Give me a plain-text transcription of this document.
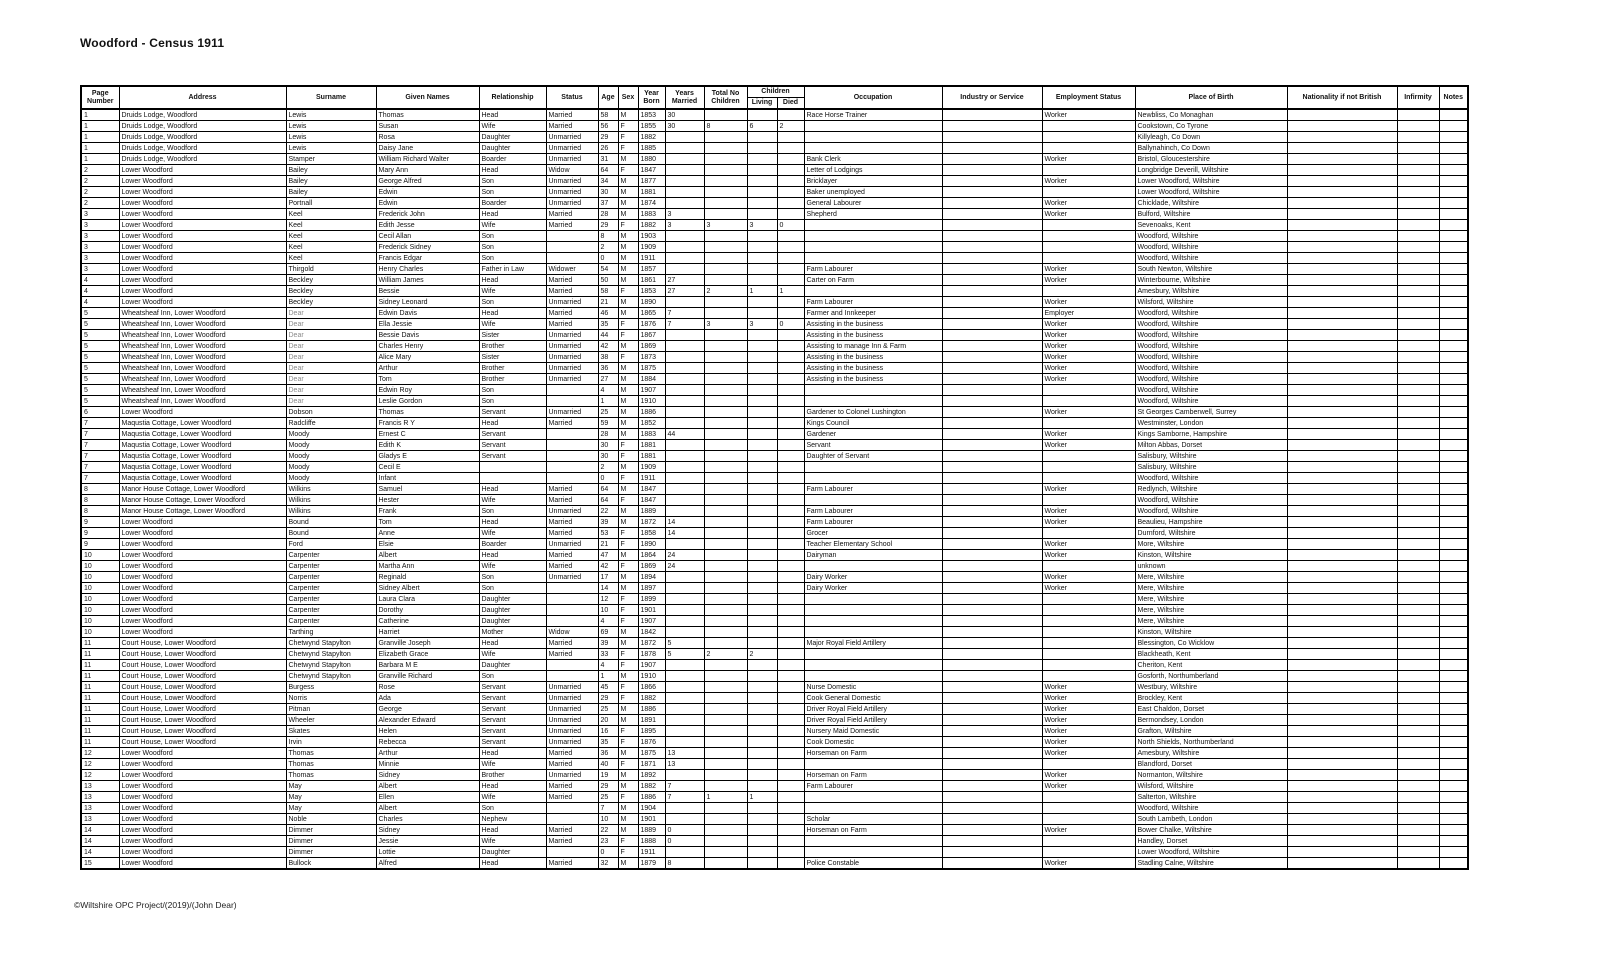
Woodford - Census 1911
Page Number	Address	Surname	Given Names	Relationship	Status	Age	Sex	Year Born	Years Married	Total No Children	Children		Occupation	Industry or Service	Employment Status	Place of Birth	Nationality if not British	Infirmity	Notes
											Living	Died							
1	Druids Lodge, Woodford	Lewis	Thomas	Head	Married	58	M	1853	30				Race Horse Trainer		Worker	Newbliss, Co Monaghan			
1	Druids Lodge, Woodford	Lewis	Susan	Wife	Married	56	F	1855	30	8	6	2				Cookstown, Co Tyrone			
1	Druids Lodge, Woodford	Lewis	Rosa	Daughter	Unmarried	29	F	1882								Killyleagh, Co Down			
1	Druids Lodge, Woodford	Lewis	Daisy Jane	Daughter	Unmarried	26	F	1885								Ballynahinch, Co Down			
1	Druids Lodge, Woodford	Stamper	William Richard Walter	Boarder	Unmarried	31	M	1880					Bank Clerk		Worker	Bristol, Gloucestershire			
2	Lower Woodford	Bailey	Mary Ann	Head	Widow	64	F	1847					Letter of Lodgings			Longbridge Deverill, Wiltshire			
2	Lower Woodford	Bailey	George Alfred	Son	Unmarried	34	M	1877					Bricklayer		Worker	Lower Woodford, Wiltshire			
2	Lower Woodford	Bailey	Edwin	Son	Unmarried	30	M	1881					Baker unemployed			Lower Woodford, Wiltshire			
2	Lower Woodford	Portnall	Edwin	Boarder	Unmarried	37	M	1874					General Labourer		Worker	Chicklade, Wiltshire			
3	Lower Woodford	Keel	Frederick John	Head	Married	28	M	1883	3				Shepherd		Worker	Bulford, Wiltshire			
3	Lower Woodford	Keel	Edith Jesse	Wife	Married	29	F	1882	3	3	3	0				Sevenoaks, Kent			
3	Lower Woodford	Keel	Cecil Allan	Son		8	M	1903								Woodford, Wiltshire			
3	Lower Woodford	Keel	Frederick Sidney	Son		2	M	1909								Woodford, Wiltshire			
3	Lower Woodford	Keel	Francis Edgar	Son		0	M	1911								Woodford, Wiltshire			
3	Lower Woodford	Thirgold	Henry Charles	Father in Law	Widower	54	M	1857					Farm Labourer		Worker	South Newton, Wiltshire			
4	Lower Woodford	Beckley	William James	Head	Married	50	M	1861	27				Carter on Farm		Worker	Winterbourne, Wiltshire			
4	Lower Woodford	Beckley	Bessie	Wife	Married	58	F	1853	27	2	1	1				Amesbury, Wiltshire			
4	Lower Woodford	Beckley	Sidney Leonard	Son	Unmarried	21	M	1890					Farm Labourer		Worker	Wilsford, Wiltshire			
5	Wheatsheaf Inn, Lower Woodford	Dear	Edwin Davis	Head	Married	46	M	1865	7				Farmer and Innkeeper		Employer	Woodford, Wiltshire			
5	Wheatsheaf Inn, Lower Woodford	Dear	Ella Jessie	Wife	Married	35	F	1876	7	3	3	0	Assisting in the business		Worker	Woodford, Wiltshire			
5	Wheatsheaf Inn, Lower Woodford	Dear	Bessie Davis	Sister	Unmarried	44	F	1867					Assisting in the business		Worker	Woodford, Wiltshire			
5	Wheatsheaf Inn, Lower Woodford	Dear	Charles Henry	Brother	Unmarried	42	M	1869					Assisting to manage Inn & Farm		Worker	Woodford, Wiltshire			
5	Wheatsheaf Inn, Lower Woodford	Dear	Alice Mary	Sister	Unmarried	38	F	1873					Assisting in the business		Worker	Woodford, Wiltshire			
5	Wheatsheaf Inn, Lower Woodford	Dear	Arthur	Brother	Unmarried	36	M	1875					Assisting in the business		Worker	Woodford, Wiltshire			
5	Wheatsheaf Inn, Lower Woodford	Dear	Tom	Brother	Unmarried	27	M	1884					Assisting in the business		Worker	Woodford, Wiltshire			
5	Wheatsheaf Inn, Lower Woodford	Dear	Edwin Roy	Son		4	M	1907								Woodford, Wiltshire			
5	Wheatsheaf Inn, Lower Woodford	Dear	Leslie Gordon	Son		1	M	1910								Woodford, Wiltshire			
6	Lower Woodford	Dobson	Thomas	Servant	Unmarried	25	M	1886					Gardener to Colonel Lushington		Worker	St Georges Camberwell, Surrey			
7	Maqustia Cottage, Lower Woodford	Radcliffe	Francis R Y	Head	Married	59	M	1852					Kings Council			Westminster, London			
7	Maqustia Cottage, Lower Woodford	Moody	Ernest C	Servant		28	M	1883	44				Gardener		Worker	Kings Samborne, Hampshire			
7	Maqustia Cottage, Lower Woodford	Moody	Edith K	Servant		30	F	1881					Servant		Worker	Milton Abbas, Dorset			
7	Maqustia Cottage, Lower Woodford	Moody	Gladys E	Servant		30	F	1881					Daughter of Servant			Salisbury, Wiltshire			
7	Maqustia Cottage, Lower Woodford	Moody	Cecil E			2	M	1909								Salisbury, Wiltshire			
7	Maqustia Cottage, Lower Woodford	Moody	Infant			0	F	1911								Woodford, Wiltshire			
8	Manor House Cottage, Lower Woodford	Wilkins	Samuel	Head	Married	64	M	1847					Farm Labourer		Worker	Redlynch, Wiltshire			
8	Manor House Cottage, Lower Woodford	Wilkins	Hester	Wife	Married	64	F	1847								Woodford, Wiltshire			
8	Manor House Cottage, Lower Woodford	Wilkins	Frank	Son	Unmarried	22	M	1889					Farm Labourer		Worker	Woodford, Wiltshire			
9	Lower Woodford	Bound	Tom	Head	Married	39	M	1872	14				Farm Labourer		Worker	Beaulieu, Hampshire			
9	Lower Woodford	Bound	Anne	Wife	Married	53	F	1858	14				Grocer			Durnford, Wiltshire			
9	Lower Woodford	Ford	Elsie	Boarder	Unmarried	21	F	1890					Teacher Elementary School		Worker	More, Wiltshire			
10	Lower Woodford	Carpenter	Albert	Head	Married	47	M	1864	24				Dairyman		Worker	Kinston, Wiltshire			
10	Lower Woodford	Carpenter	Martha Ann	Wife	Married	42	F	1869	24							unknown			
10	Lower Woodford	Carpenter	Reginald	Son	Unmarried	17	M	1894					Dairy Worker		Worker	Mere, Wiltshire			
10	Lower Woodford	Carpenter	Sidney Albert	Son		14	M	1897					Dairy Worker		Worker	Mere, Wiltshire			
10	Lower Woodford	Carpenter	Laura Clara	Daughter		12	F	1899								Mere, Wiltshire			
10	Lower Woodford	Carpenter	Dorothy	Daughter		10	F	1901								Mere, Wiltshire			
10	Lower Woodford	Carpenter	Catherine	Daughter		4	F	1907								Mere, Wiltshire			
10	Lower Woodford	Tarthing	Harriet	Mother	Widow	69	M	1842								Kinston, Wiltshire			
11	Court House, Lower Woodford	Chetwynd Stapylton	Granville Joseph	Head	Married	39	M	1872	5				Major Royal Field Artillery			Blessington, Co Wicklow			
11	Court House, Lower Woodford	Chetwynd Stapylton	Elizabeth Grace	Wife	Married	33	F	1878	5	2	2					Blackheath, Kent			
11	Court House, Lower Woodford	Chetwynd Stapylton	Barbara M E	Daughter		4	F	1907								Cheriton, Kent			
11	Court House, Lower Woodford	Chetwynd Stapylton	Granville Richard	Son		1	M	1910								Gosforth, Northumberland			
11	Court House, Lower Woodford	Burgess	Rose	Servant	Unmarried	45	F	1866					Nurse Domestic		Worker	Westbury, Wiltshire			
11	Court House, Lower Woodford	Norris	Ada	Servant	Unmarried	29	F	1882					Cook General Domestic		Worker	Brockley, Kent			
11	Court House, Lower Woodford	Pitman	George	Servant	Unmarried	25	M	1886					Driver Royal Field Artillery		Worker	East Chaldon, Dorset			
11	Court House, Lower Woodford	Wheeler	Alexander Edward	Servant	Unmarried	20	M	1891					Driver Royal Field Artillery		Worker	Bermondsey, London			
11	Court House, Lower Woodford	Skates	Helen	Servant	Unmarried	16	F	1895					Nursery Maid Domestic		Worker	Grafton, Wiltshire			
11	Court House, Lower Woodford	Irvin	Rebecca	Servant	Unmarried	35	F	1876					Cook Domestic		Worker	North Shields, Northumberland			
12	Lower Woodford	Thomas	Arthur	Head	Married	36	M	1875	13				Horseman on Farm		Worker	Amesbury, Wiltshire			
12	Lower Woodford	Thomas	Minnie	Wife	Married	40	F	1871	13							Blandford, Dorset			
12	Lower Woodford	Thomas	Sidney	Brother	Unmarried	19	M	1892					Horseman on Farm		Worker	Normanton, Wiltshire			
13	Lower Woodford	May	Albert	Head	Married	29	M	1882	7				Farm Labourer		Worker	Wilsford, Wiltshire			
13	Lower Woodford	May	Ellen	Wife	Married	25	F	1886	7	1	1					Salterton, Wiltshire			
13	Lower Woodford	May	Albert	Son		7	M	1904								Woodford, Wiltshire			
13	Lower Woodford	Noble	Charles	Nephew		10	M	1901					Scholar			South Lambeth, London			
14	Lower Woodford	Dimmer	Sidney	Head	Married	22	M	1889	0				Horseman on Farm		Worker	Bower Chalke, Wiltshire			
14	Lower Woodford	Dimmer	Jessie	Wife	Married	23	F	1888	0							Handley, Dorset			
14	Lower Woodford	Dimmer	Lottie	Daughter		0	F	1911								Lower Woodford, Wiltshire			
15	Lower Woodford	Bullock	Alfred	Head	Married	32	M	1879	8				Police Constable		Worker	Stadling Calne, Wiltshire			
©Wiltshire OPC Project/(2019)/(John Dear)
